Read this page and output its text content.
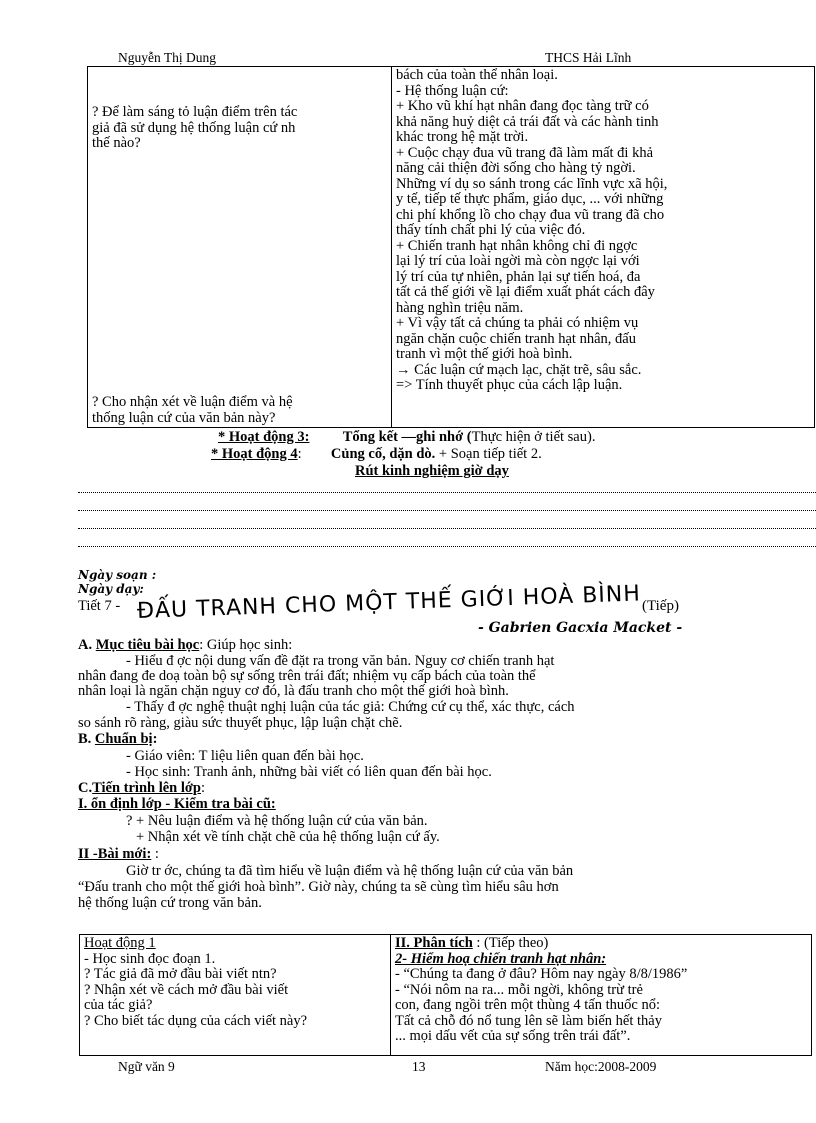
Nguyễn Thị Dung	THCS Hải Lĩnh
? Để làm sáng tỏ luận điểm trên tác
giả đã sử dụng hệ thống luận cứ nh
thế nào?
? Cho nhận xét về luận điểm và hệ
thống luận cứ của văn bản này?

bách của toàn thể nhân loại.
- Hệ thống luận cứ:
+ Kho vũ khí hạt nhân đang đọc tàng trữ có
khả năng huỷ diệt cả trái đất và các hành tinh
khác trong hệ mặt trời.
+ Cuộc chạy đua vũ trang đã làm mất đi khả
năng cải thiện đời sống cho hàng tỷ ngời.
Những ví dụ so sánh trong các lĩnh vực xã hội,
y tế, tiếp tế thực phẩm, giáo dục, ... với những
chi phí khổng lồ cho chạy đua vũ trang đã cho
thấy tính chất phi lý của việc đó.
+ Chiến tranh hạt nhân không chỉ đi ngợc
lại lý trí của loài ngời mà còn ngợc lại với
lý trí của tự nhiên, phản lại sự tiến hoá, đa
tất cả thế giới về lại điểm xuất phát cách đây
hàng nghìn triệu năm.
+ Vì vậy tất cả chúng ta phải có nhiệm vụ
ngăn chặn cuộc chiến tranh hạt nhân, đấu
tranh vì một thế giới hoà bình.
→ Các luận cứ mạch lạc, chặt trẽ, sâu sắc.
=> Tính thuyết phục của cách lập luận.
* Hoạt động 3: Tổng kết —ghi nhớ (Thực hiện ở tiết sau).
* Hoạt động 4: Củng cố, dặn dò. + Soạn tiếp tiết 2.
Rút kinh nghiệm giờ dạy
Ngày soạn :
Ngày dạy:
Tiết 7 - ĐẤU TRANH CHO MỘT THẾ GIỚI HOÀ BÌNH (Tiếp)
- Gabrien Gacxia Macket -
A. Mục tiêu bài học: Giúp học sinh:
- Hiểu đ ợc nội dung vấn đề đặt ra trong văn bản. Nguy cơ chiến tranh hạt
nhân đang đe doạ toàn bộ sự sống trên trái đất; nhiệm vụ cấp bách của toàn thể
nhân loại là ngăn chặn nguy cơ đó, là đấu tranh cho một thế giới hoà bình.
- Thấy đ ợc nghệ thuật nghị luận của tác giả: Chứng cứ cụ thể, xác thực, cách
so sánh rõ ràng, giàu sức thuyết phục, lập luận chặt chẽ.
B. Chuẩn bị:
- Giáo viên: T liệu liên quan đến bài học.
- Học sinh: Tranh ảnh, những bài viết có liên quan đến bài học.
C.Tiến trình lên lớp:
I. ổn định lớp - Kiểm tra bài cũ:
? + Nêu luận điểm và hệ thống luận cứ của văn bản.
+ Nhận xét về tính chặt chẽ của hệ thống luận cứ ấy.
II -Bài mới: :
Giờ tr ớc, chúng ta đã tìm hiểu về luận điểm và hệ thống luận cứ của văn bản
“Đấu tranh cho một thế giới hoà bình”. Giờ này, chúng ta sẽ cùng tìm hiểu sâu hơn
hệ thống luận cứ trong văn bản.
Hoạt động 1
- Học sinh đọc đoạn 1.
? Tác giả đã mở đầu bài viết ntn?
? Nhận xét về cách mở đầu bài viết
của tác giả?
? Cho biết tác dụng của cách viết này?

II. Phân tích : (Tiếp theo)
2- Hiểm hoạ chiến tranh hạt nhân:
- “Chúng ta đang ở đâu? Hôm nay ngày 8/8/1986”
- “Nói nôm na ra... mỗi ngời, không trừ trẻ
con, đang ngồi trên một thùng 4 tấn thuốc nổ:
Tất cả chỗ đó nổ tung lên sẽ làm biến hết thảy
... mọi dấu vết của sự sống trên trái đất”.
Ngữ văn 9	13	Năm học:2008-2009
